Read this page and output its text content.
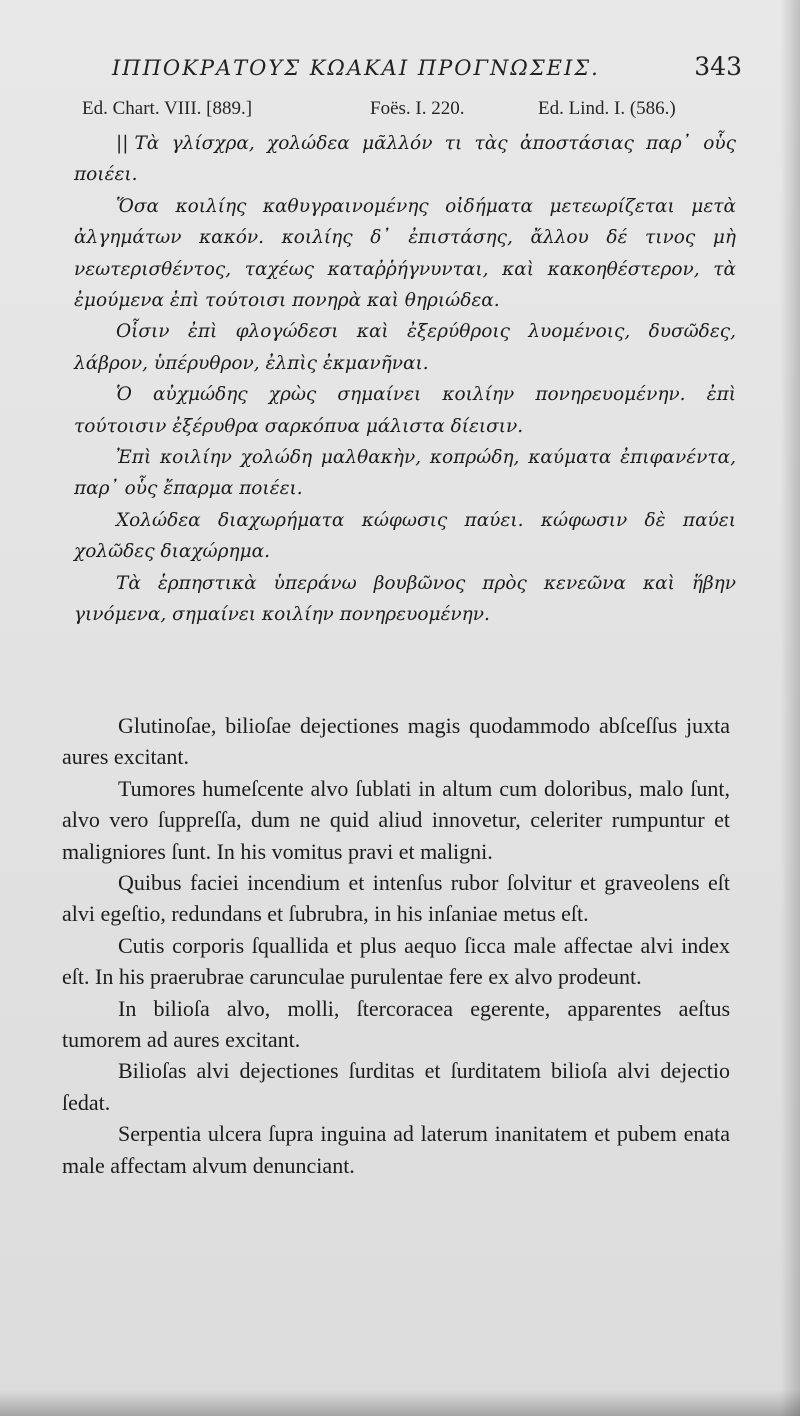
ΙΠΠΟΚΡΑΤΟΥΣ ΚΩΑΚΑΙ ΠΡΟΓΝΩΣΕΙΣ.	343
Ed. Chart. VIII. [889.]	Foës. I. 220.	Ed. Lind. I. (586.)

|| Τὰ γλίσχρα, χολώδεα μᾶλλόν τι τὰς ἀποστάσιας παρ᾽ οὗς ποιέει.

Ὅσα κοιλίης καθυγραινομένης οἰδήματα μετεωρίζεται μετὰ ἀλγημάτων κακόν. κοιλίης δ᾽ ἐπιστάσης, ἄλλου δέ τινος μὴ νεωτερισθέντος, ταχέως καταῤῥήγνυνται, καὶ κακοηθέστερον, τὰ ἐμούμενα ἐπὶ τούτοισι πονηρὰ καὶ θηριώδεα.

Οἷσιν ἐπὶ φλογώδεσι καὶ ἐξερύθροις λυομένοις, δυσῶδες, λάβρον, ὑπέρυθρον, ἐλπὶς ἐκμανῆναι.

Ὁ αὐχμώδης χρὼς σημαίνει κοιλίην πονηρευομένην. ἐπὶ τούτοισιν ἐξέρυθρα σαρκόπυα μάλιστα δίεισιν.

Ἐπὶ κοιλίην χολώδη μαλθακὴν, κοπρώδη, καύματα ἐπιφανέντα, παρ᾽ οὗς ἔπαρμα ποιέει.

Χολώδεα διαχωρήματα κώφωσις παύει. κώφωσιν δὲ παύει χολῶδες διαχώρημα.

Τὰ ἑρπηστικὰ ὑπεράνω βουβῶνος πρὸς κενεῶνα καὶ ἥβην γινόμενα, σημαίνει κοιλίην πονηρευομένην.

Glutinoſae, bilioſae dejectiones magis quodammodo abſceſſus juxta aures excitant.

Tumores humeſcente alvo ſublati in altum cum doloribus, malo ſunt, alvo vero ſuppreſſa, dum ne quid aliud innovetur, celeriter rumpuntur et maligniores ſunt. In his vomitus pravi et maligni.

Quibus faciei incendium et intenſus rubor ſolvitur et graveolens eſt alvi egeſtio, redundans et ſubrubra, in his inſaniae metus eſt.

Cutis corporis ſquallida et plus aequo ſicca male affectae alvi index eſt. In his praerubrae carunculae purulentae fere ex alvo prodeunt.

In bilioſa alvo, molli, ſtercoracea egerente, apparentes aeſtus tumorem ad aures excitant.

Bilioſas alvi dejectiones ſurditas et ſurditatem bilioſa alvi dejectio ſedat.

Serpentia ulcera ſupra inguina ad laterum inanitatem et pubem enata male affectam alvum denunciant.
